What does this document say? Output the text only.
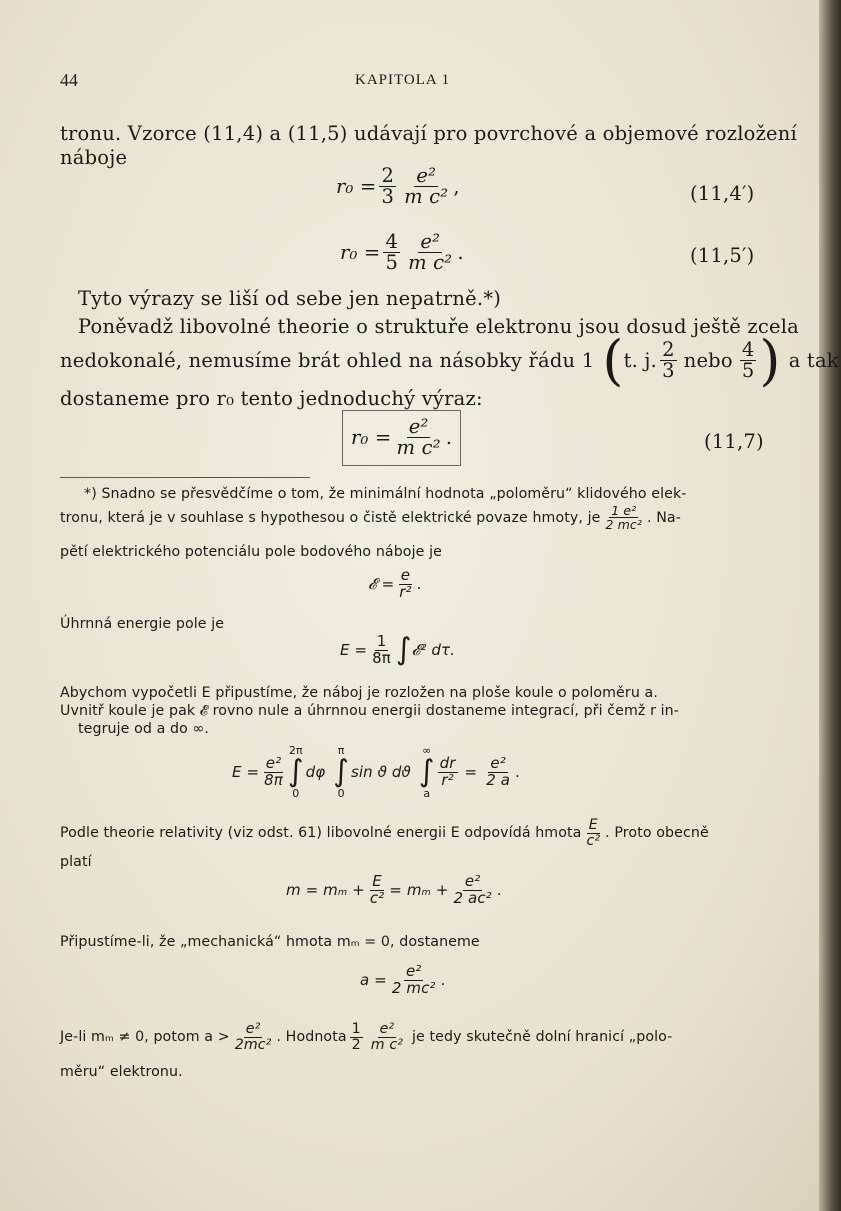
44	KAPITOLA 1
tronu. Vzorce (11,4) a (11,5) udávají pro povrchové a objemové rozložení
náboje
$r_0 = \frac{2}{3} \frac{\text{e²}}{\text{m c²}}$ ,	(11,4′)
$r_0 = \frac{4}{5} \frac{\text{e²}}{\text{m c²}}$ .	(11,5′)
Tyto výrazy se liší od sebe jen nepatrně.*)
Poněvadž libovolné theorie o struktuře elektronu jsou dosud ještě zcela
nedokonalé, nemusíme brát ohled na násobky řádu 1 ( t. j. $\frac{2}{3}$ nebo $\frac{4}{5}$ ) a tak
dostaneme pro r₀ tento jednoduchý výraz:
$r_0 = \frac{\text{e²}}{\text{m c²}}$ .	(11,7)
*) Snadno se přesvědčíme o tom, že minimální hodnota „poloměru“ klidového elek-
tronu, která je v souhlase s hypothesou o čistě elektrické povaze hmoty, je $\frac{\text{1 e²}}{\text{2 mc²}}$ . Na-
pětí elektrického potenciálu pole bodového náboje je
𝓔 = $\frac{e}{\text{r²}}$ .
Úhrnná energie pole je
$E = \frac{1}{8\pi}$ ∫ 𝓔² dτ.
Abychom vypočetli E připustíme, že náboj je rozložen na ploše koule o poloměru a.
Uvnitř koule je pak 𝓔 rovno nule a úhrnnou energii dostaneme integrací, při čemž r in-
tegruje od a do ∞.
$E = \frac{\text{e²}}{8\pi}$
2π
∫
0
dφ
π
∫
0
sin ϑ dϑ
∞
∫
a
$\frac{dr}{\text{r²}} = \frac{\text{e²}}{2 a}$ .
Podle theorie relativity (viz odst. 61) libovolné energii E odpovídá hmota $\frac{E}{\text{c²}}$ . Proto obecně
platí
$m = m_m + \frac{E}{\text{c²}} = m_m + \frac{\text{e²}}{\text{2 ac²}}$ .
Připustíme-li, že „mechanická“ hmota mₘ = 0, dostaneme
$a = \frac{\text{e²}}{\text{2 mc²}}$ .
Je-li mₘ ≠ 0, potom $a > \frac{\text{e²}}{\text{2mc²}}$ . Hodnota $\frac{1}{2} \frac{\text{e²}}{\text{m c²}}$ je tedy skutečně dolní hranicí „polo-
měru“ elektronu.
